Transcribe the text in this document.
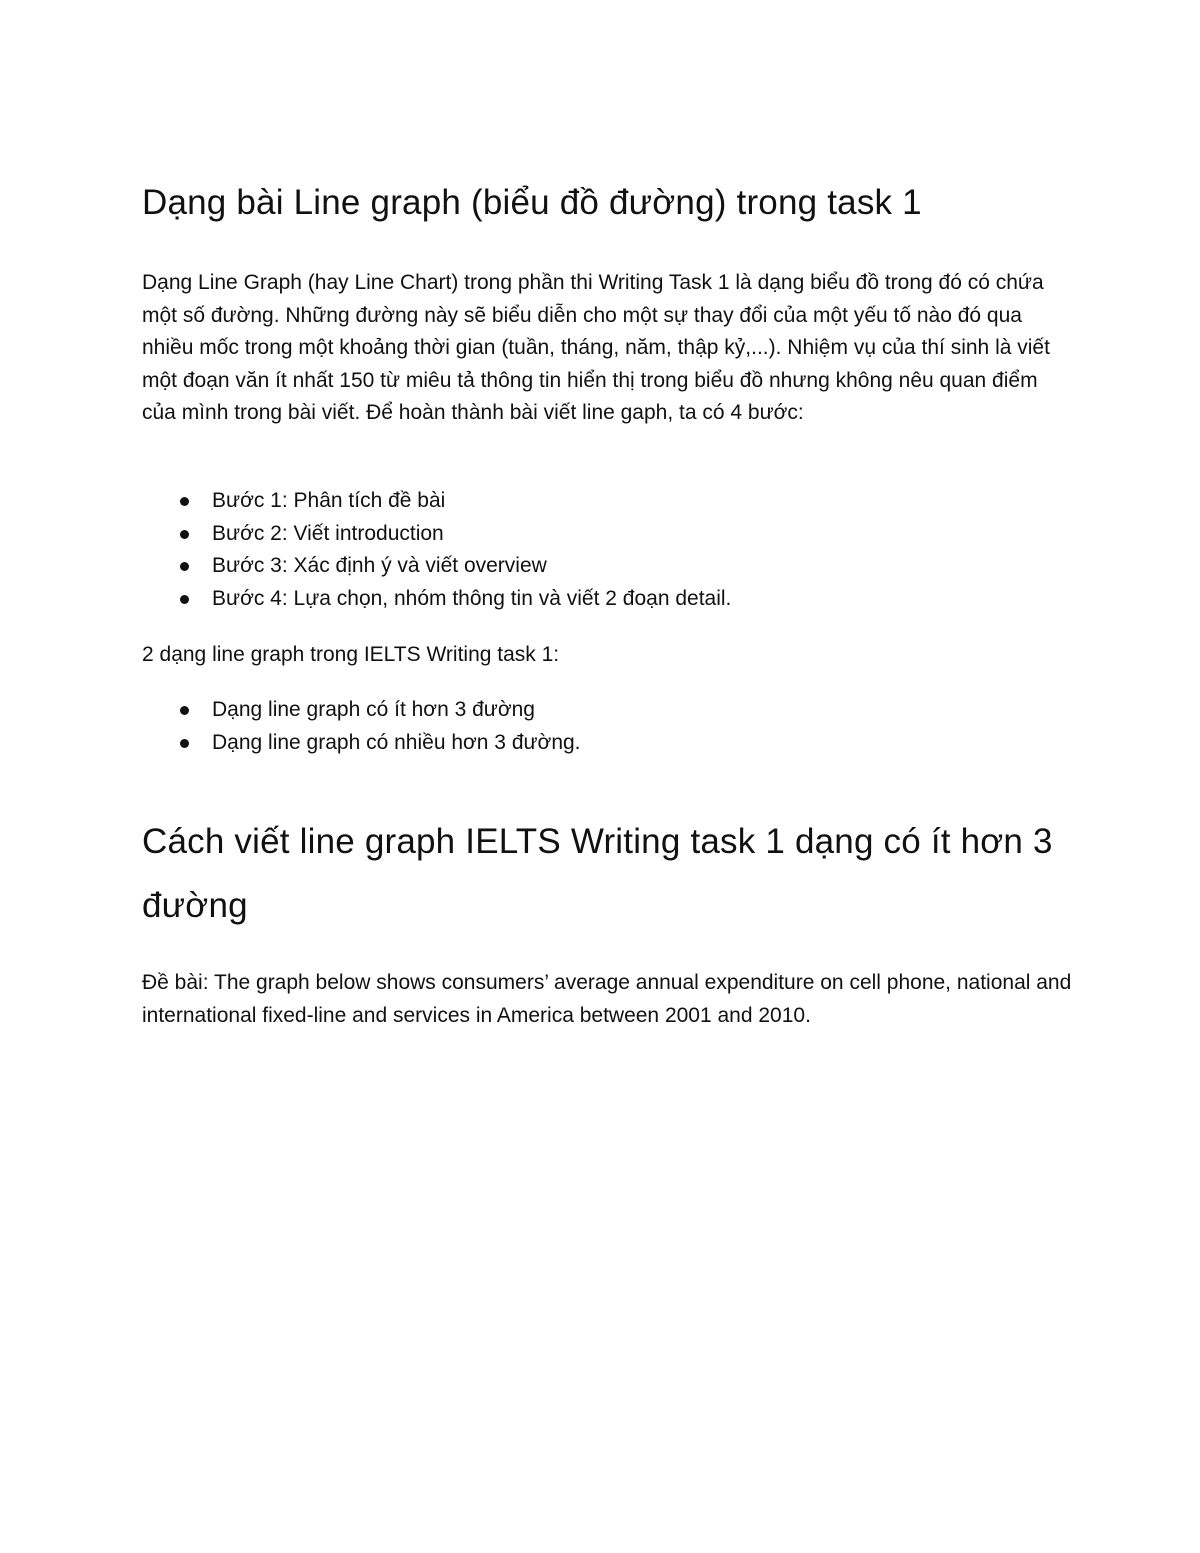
Dạng bài Line graph (biểu đồ đường) trong task 1

Dạng Line Graph (hay Line Chart) trong phần thi Writing Task 1 là dạng biểu đồ trong đó có chứa một số đường. Những đường này sẽ biểu diễn cho một sự thay đổi của một yếu tố nào đó qua nhiều mốc trong một khoảng thời gian (tuần, tháng, năm, thập kỷ,...). Nhiệm vụ của thí sinh là viết một đoạn văn ít nhất 150 từ miêu tả thông tin hiển thị trong biểu đồ nhưng không nêu quan điểm của mình trong bài viết. Để hoàn thành bài viết line gaph, ta có 4 bước:

Bước 1: Phân tích đề bài
Bước 2: Viết introduction
Bước 3: Xác định ý và viết overview
Bước 4: Lựa chọn, nhóm thông tin và viết 2 đoạn detail.

2 dạng line graph trong IELTS Writing task 1:

Dạng line graph có ít hơn 3 đường
Dạng line graph có nhiều hơn 3 đường.
Cách viết line graph IELTS Writing task 1 dạng có ít hơn 3 đường

Đề bài: The graph below shows consumers’ average annual expenditure on cell phone, national and international fixed-line and services in America between 2001 and 2010.
